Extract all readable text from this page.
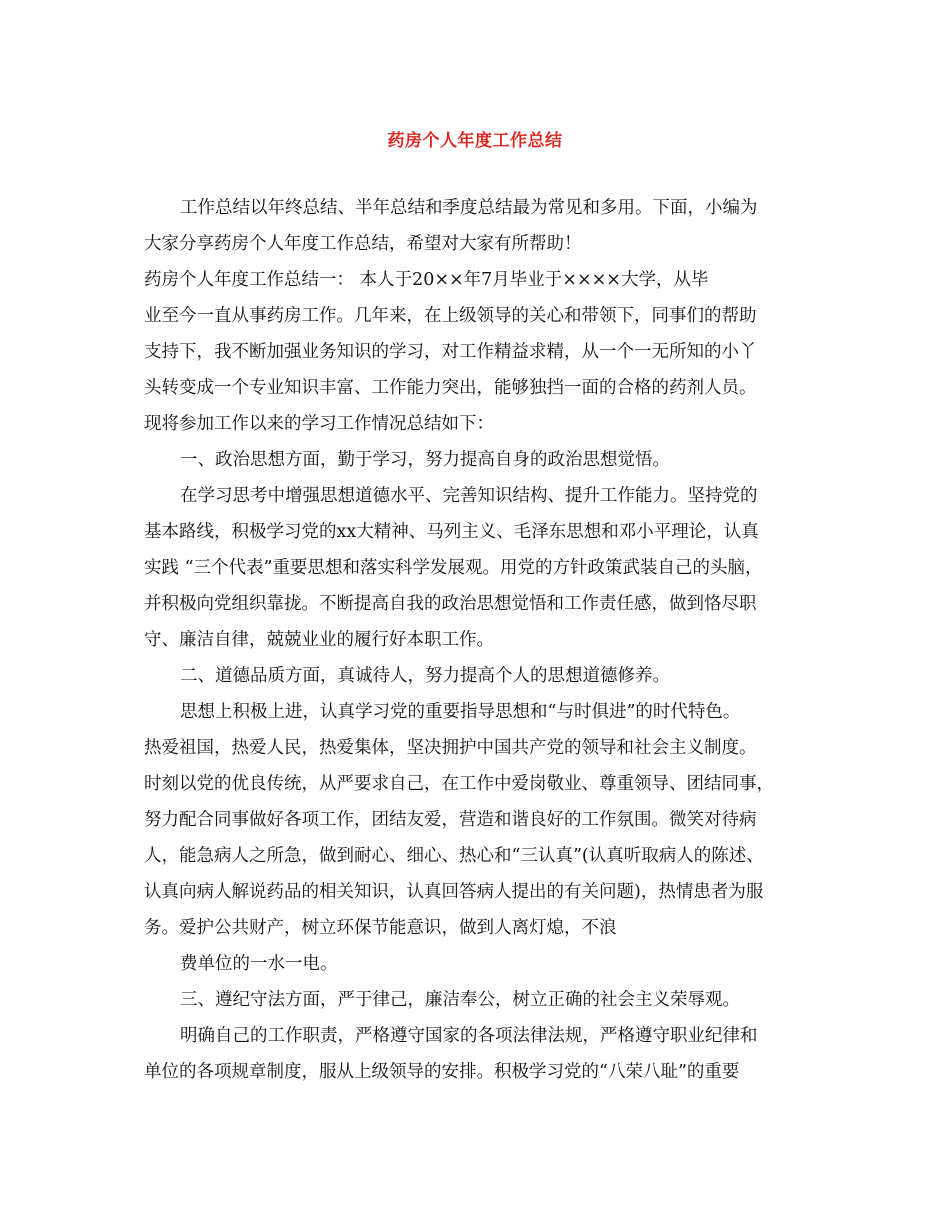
药房个人年度工作总结

工作总结以年终总结、半年总结和季度总结最为常见和多用。下面，小编为

大家分享药房个人年度工作总结，希望对大家有所帮助！

药房个人年度工作总结一： 本人于20××年7月毕业于××××大学，从毕

业至今一直从事药房工作。几年来，在上级领导的关心和带领下，同事们的帮助

支持下，我不断加强业务知识的学习，对工作精益求精，从一个一无所知的小丫

头转变成一个专业知识丰富、工作能力突出，能够独挡一面的合格的药剂人员。

现将参加工作以来的学习工作情况总结如下：

一、政治思想方面，勤于学习，努力提高自身的政治思想觉悟。

在学习思考中增强思想道德水平、完善知识结构、提升工作能力。坚持党的

基本路线，积极学习党的xx大精神、马列主义、毛泽东思想和邓小平理论，认真

实践 “三个代表”重要思想和落实科学发展观。用党的方针政策武装自己的头脑，

并积极向党组织靠拢。不断提高自我的政治思想觉悟和工作责任感，做到恪尽职

守、廉洁自律，兢兢业业的履行好本职工作。

二、道德品质方面，真诚待人，努力提高个人的思想道德修养。

思想上积极上进，认真学习党的重要指导思想和“与时俱进”的时代特色。

热爱祖国，热爱人民，热爱集体，坚决拥护中国共产党的领导和社会主义制度。

时刻以党的优良传统，从严要求自己，在工作中爱岗敬业、尊重领导、团结同事，

努力配合同事做好各项工作，团结友爱，营造和谐良好的工作氛围。微笑对待病

人，能急病人之所急，做到耐心、细心、热心和“三认真”(认真听取病人的陈述、

认真向病人解说药品的相关知识，认真回答病人提出的有关问题)，热情患者为服

务。爱护公共财产，树立环保节能意识，做到人离灯熄，不浪

费单位的一水一电。

三、遵纪守法方面，严于律己，廉洁奉公，树立正确的社会主义荣辱观。

明确自己的工作职责，严格遵守国家的各项法律法规，严格遵守职业纪律和

单位的各项规章制度，服从上级领导的安排。积极学习党的“八荣八耻”的重要
